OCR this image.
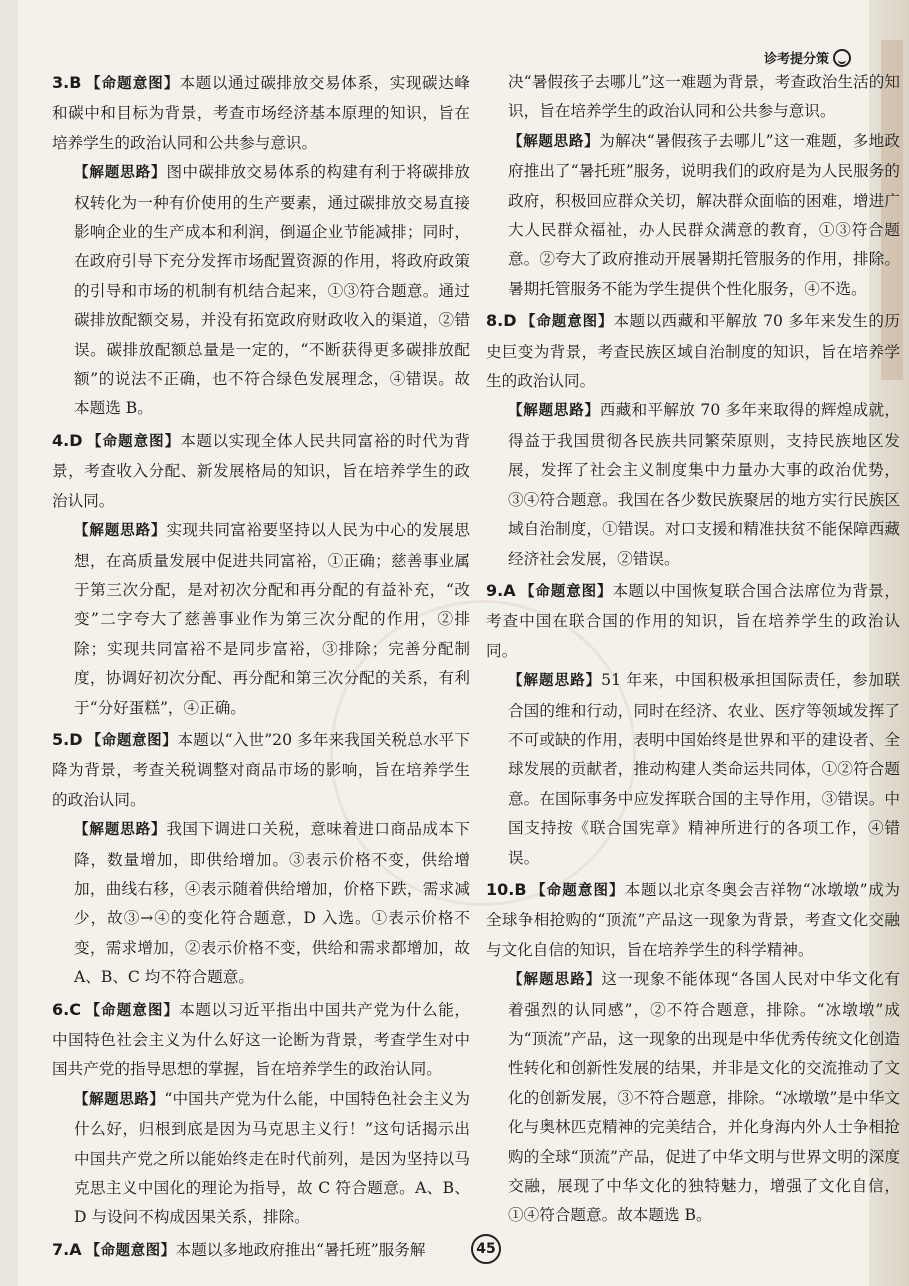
诊考提分策

3.B 【命题意图】本题以通过碳排放交易体系，实现碳达峰和碳中和目标为背景，考查市场经济基本原理的知识，旨在培养学生的政治认同和公共参与意识。

【解题思路】图中碳排放交易体系的构建有利于将碳排放权转化为一种有价使用的生产要素，通过碳排放交易直接影响企业的生产成本和利润，倒逼企业节能减排；同时，在政府引导下充分发挥市场配置资源的作用，将政府政策的引导和市场的机制有机结合起来，①③符合题意。通过碳排放配额交易，并没有拓宽政府财政收入的渠道，②错误。碳排放配额总量是一定的，“不断获得更多碳排放配额”的说法不正确，也不符合绿色发展理念，④错误。故本题选 B。

4.D 【命题意图】本题以实现全体人民共同富裕的时代为背景，考查收入分配、新发展格局的知识，旨在培养学生的政治认同。

【解题思路】实现共同富裕要坚持以人民为中心的发展思想，在高质量发展中促进共同富裕，①正确；慈善事业属于第三次分配，是对初次分配和再分配的有益补充，“改变”二字夸大了慈善事业作为第三次分配的作用，②排除；实现共同富裕不是同步富裕，③排除；完善分配制度，协调好初次分配、再分配和第三次分配的关系，有利于“分好蛋糕”，④正确。

5.D 【命题意图】本题以“入世”20 多年来我国关税总水平下降为背景，考查关税调整对商品市场的影响，旨在培养学生的政治认同。

【解题思路】我国下调进口关税，意味着进口商品成本下降，数量增加，即供给增加。③表示价格不变，供给增加，曲线右移，④表示随着供给增加，价格下跌，需求减少，故③→④的变化符合题意，D 入选。①表示价格不变，需求增加，②表示价格不变，供给和需求都增加，故 A、B、C 均不符合题意。

6.C 【命题意图】本题以习近平指出中国共产党为什么能，中国特色社会主义为什么好这一论断为背景，考查学生对中国共产党的指导思想的掌握，旨在培养学生的政治认同。

【解题思路】“中国共产党为什么能，中国特色社会主义为什么好，归根到底是因为马克思主义行！”这句话揭示出中国共产党之所以能始终走在时代前列，是因为坚持以马克思主义中国化的理论为指导，故 C 符合题意。A、B、D 与设问不构成因果关系，排除。

7.A 【命题意图】本题以多地政府推出“暑托班”服务解

决“暑假孩子去哪儿”这一难题为背景，考查政治生活的知识，旨在培养学生的政治认同和公共参与意识。

【解题思路】为解决“暑假孩子去哪儿”这一难题，多地政府推出了“暑托班”服务，说明我们的政府是为人民服务的政府，积极回应群众关切，解决群众面临的困难，增进广大人民群众福祉，办人民群众满意的教育，①③符合题意。②夸大了政府推动开展暑期托管服务的作用，排除。暑期托管服务不能为学生提供个性化服务，④不选。

8.D 【命题意图】本题以西藏和平解放 70 多年来发生的历史巨变为背景，考查民族区域自治制度的知识，旨在培养学生的政治认同。

【解题思路】西藏和平解放 70 多年来取得的辉煌成就，得益于我国贯彻各民族共同繁荣原则，支持民族地区发展，发挥了社会主义制度集中力量办大事的政治优势，③④符合题意。我国在各少数民族聚居的地方实行民族区域自治制度，①错误。对口支援和精准扶贫不能保障西藏经济社会发展，②错误。

9.A 【命题意图】本题以中国恢复联合国合法席位为背景，考查中国在联合国的作用的知识，旨在培养学生的政治认同。

【解题思路】51 年来，中国积极承担国际责任，参加联合国的维和行动，同时在经济、农业、医疗等领域发挥了不可或缺的作用，表明中国始终是世界和平的建设者、全球发展的贡献者，推动构建人类命运共同体，①②符合题意。在国际事务中应发挥联合国的主导作用，③错误。中国支持按《联合国宪章》精神所进行的各项工作，④错误。

10.B 【命题意图】本题以北京冬奥会吉祥物“冰墩墩”成为全球争相抢购的“顶流”产品这一现象为背景，考查文化交融与文化自信的知识，旨在培养学生的科学精神。

【解题思路】这一现象不能体现“各国人民对中华文化有着强烈的认同感”，②不符合题意，排除。“冰墩墩”成为“顶流”产品，这一现象的出现是中华优秀传统文化创造性转化和创新性发展的结果，并非是文化的交流推动了文化的创新发展，③不符合题意，排除。“冰墩墩”是中华文化与奥林匹克精神的完美结合，并化身海内外人士争相抢购的全球“顶流”产品，促进了中华文明与世界文明的深度交融，展现了中华文化的独特魅力，增强了文化自信，①④符合题意。故本题选 B。

45
